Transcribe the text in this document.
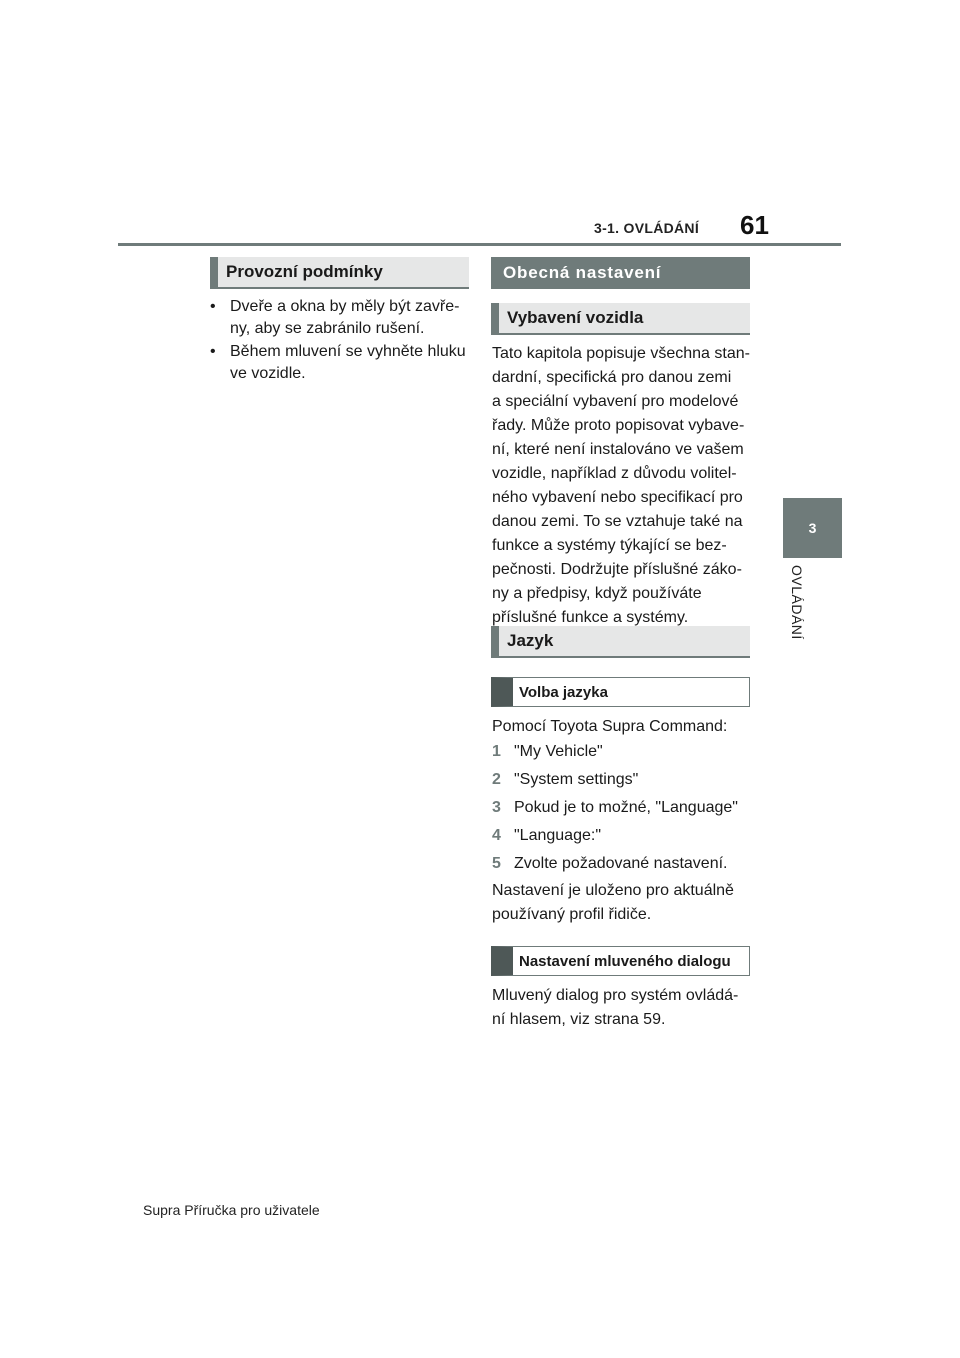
3-1. OVLÁDÁNÍ 61
3
OVLÁDÁNÍ
Provozní podmínky
• Dveře a okna by měly být zavře-ny, aby se zabránilo rušení.
• Během mluvení se vyhněte hluku ve vozidle.
Obecná nastavení
Vybavení vozidla
Tato kapitola popisuje všechna stan-
dardní, specifická pro danou zemi
a speciální vybavení pro modelové
řady. Může proto popisovat vybave-
ní, které není instalováno ve vašem
vozidle, například z důvodu volitel-
ného vybavení nebo specifikací pro
danou zemi. To se vztahuje také na
funkce a systémy týkající se bez-
pečnosti. Dodržujte příslušné záko-
ny a předpisy, když používáte
příslušné funkce a systémy.
Jazyk
Volba jazyka
Pomocí Toyota Supra Command:
1 "My Vehicle"
2 "System settings"
3 Pokud je to možné, "Language"
4 "Language:"
5 Zvolte požadované nastavení.
Nastavení je uloženo pro aktuálně
používaný profil řidiče.
Nastavení mluveného dialogu
Mluvený dialog pro systém ovládá-
ní hlasem, viz strana 59.
Supra Příručka pro uživatele
